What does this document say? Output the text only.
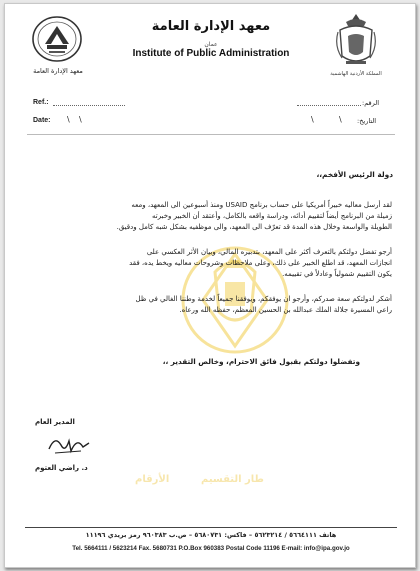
معهد الإدارة العامة
معهد الإدارة العامة
عمان
Institute of Public Administration
المملكة الأردنية الهاشمية
Ref.:	الرقم:
Date: \ \	\	\ التاريخ:
دولة الرئيس الأفخم،،
لقد أرسل معاليه خبيراً أمريكيا على حساب برنامج USAID ومنذ أسبوعين الى المعهد، ومعه
زميلة من البرنامج أيضاً لتقييم أدائه، ودراسة واقعه بالكامل، وأعتقد أن الخبير وخبرته
الطويلة والواسعة وخلال هذه المدة قد تعرّف الى المعهد، والى موظفيه بشكل شبه كامل ودقيق.
أرجو تفضل دولتكم بالتعرف أكثر على المعهد، بتدبيره المالي، وبيان الأثر العكسي على
انجازات المعهد، قد اطلع الخبير على ذلك، وعلى ملاحظات وشروحات معاليه ويخط يده، فقد
يكون التقييم شمولياً وعادلاً في تقييمه.
أشكر لدولتكم سعة صدركم، وأرجو ان يوفقكم، ويوفقنا جميعاً لخدمة وطننا الغالي في ظل
راعي المسيرة جلالة الملك عبدالله بن الحسين المعظم، حفظه الله ورعاه.
وتفضلوا دولتكم بقبول فائق الاحترام، وخالص التقدير ،،
الأرقام	طار التقسيم
المدير العام
د. راضي العتوم
هاتف ٥٦٦٤١١١ / ٥٦٢٣٢١٤ – فاكس: ٥٦٨٠٧٣١ – ص.ب ٩٦٠٣٨٣ رمز بريدي ١١١٩٦
Tel. 5664111 / 5623214 Fax. 5680731 P.O.Box 960383 Postal Code 11196 E-mail: info@ipa.gov.jo
